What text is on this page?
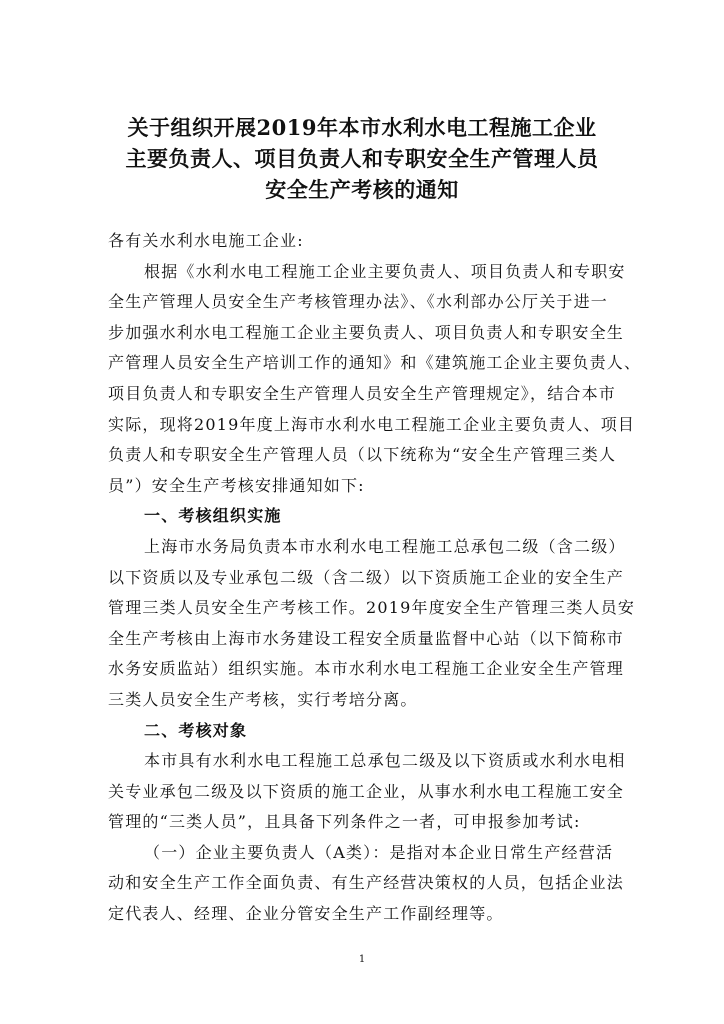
关于组织开展2019年本市水利水电工程施工企业
主要负责人、项目负责人和专职安全生产管理人员
安全生产考核的通知
各有关水利水电施工企业:
根据《水利水电工程施工企业主要负责人、项目负责人和专职安
全生产管理人员安全生产考核管理办法》、《水利部办公厅关于进一
步加强水利水电工程施工企业主要负责人、项目负责人和专职安全生
产管理人员安全生产培训工作的通知》和《建筑施工企业主要负责人、
项目负责人和专职安全生产管理人员安全生产管理规定》，结合本市
实际，现将2019年度上海市水利水电工程施工企业主要负责人、项目
负责人和专职安全生产管理人员（以下统称为“安全生产管理三类人
员”）安全生产考核安排通知如下:
一、考核组织实施
上海市水务局负责本市水利水电工程施工总承包二级（含二级）
以下资质以及专业承包二级（含二级）以下资质施工企业的安全生产
管理三类人员安全生产考核工作。2019年度安全生产管理三类人员安
全生产考核由上海市水务建设工程安全质量监督中心站（以下简称市
水务安质监站）组织实施。本市水利水电工程施工企业安全生产管理
三类人员安全生产考核，实行考培分离。
二、考核对象
本市具有水利水电工程施工总承包二级及以下资质或水利水电相
关专业承包二级及以下资质的施工企业，从事水利水电工程施工安全
管理的“三类人员”，且具备下列条件之一者，可申报参加考试:
（一）企业主要负责人（A类）：是指对本企业日常生产经营活
动和安全生产工作全面负责、有生产经营决策权的人员，包括企业法
定代表人、经理、企业分管安全生产工作副经理等。
1
